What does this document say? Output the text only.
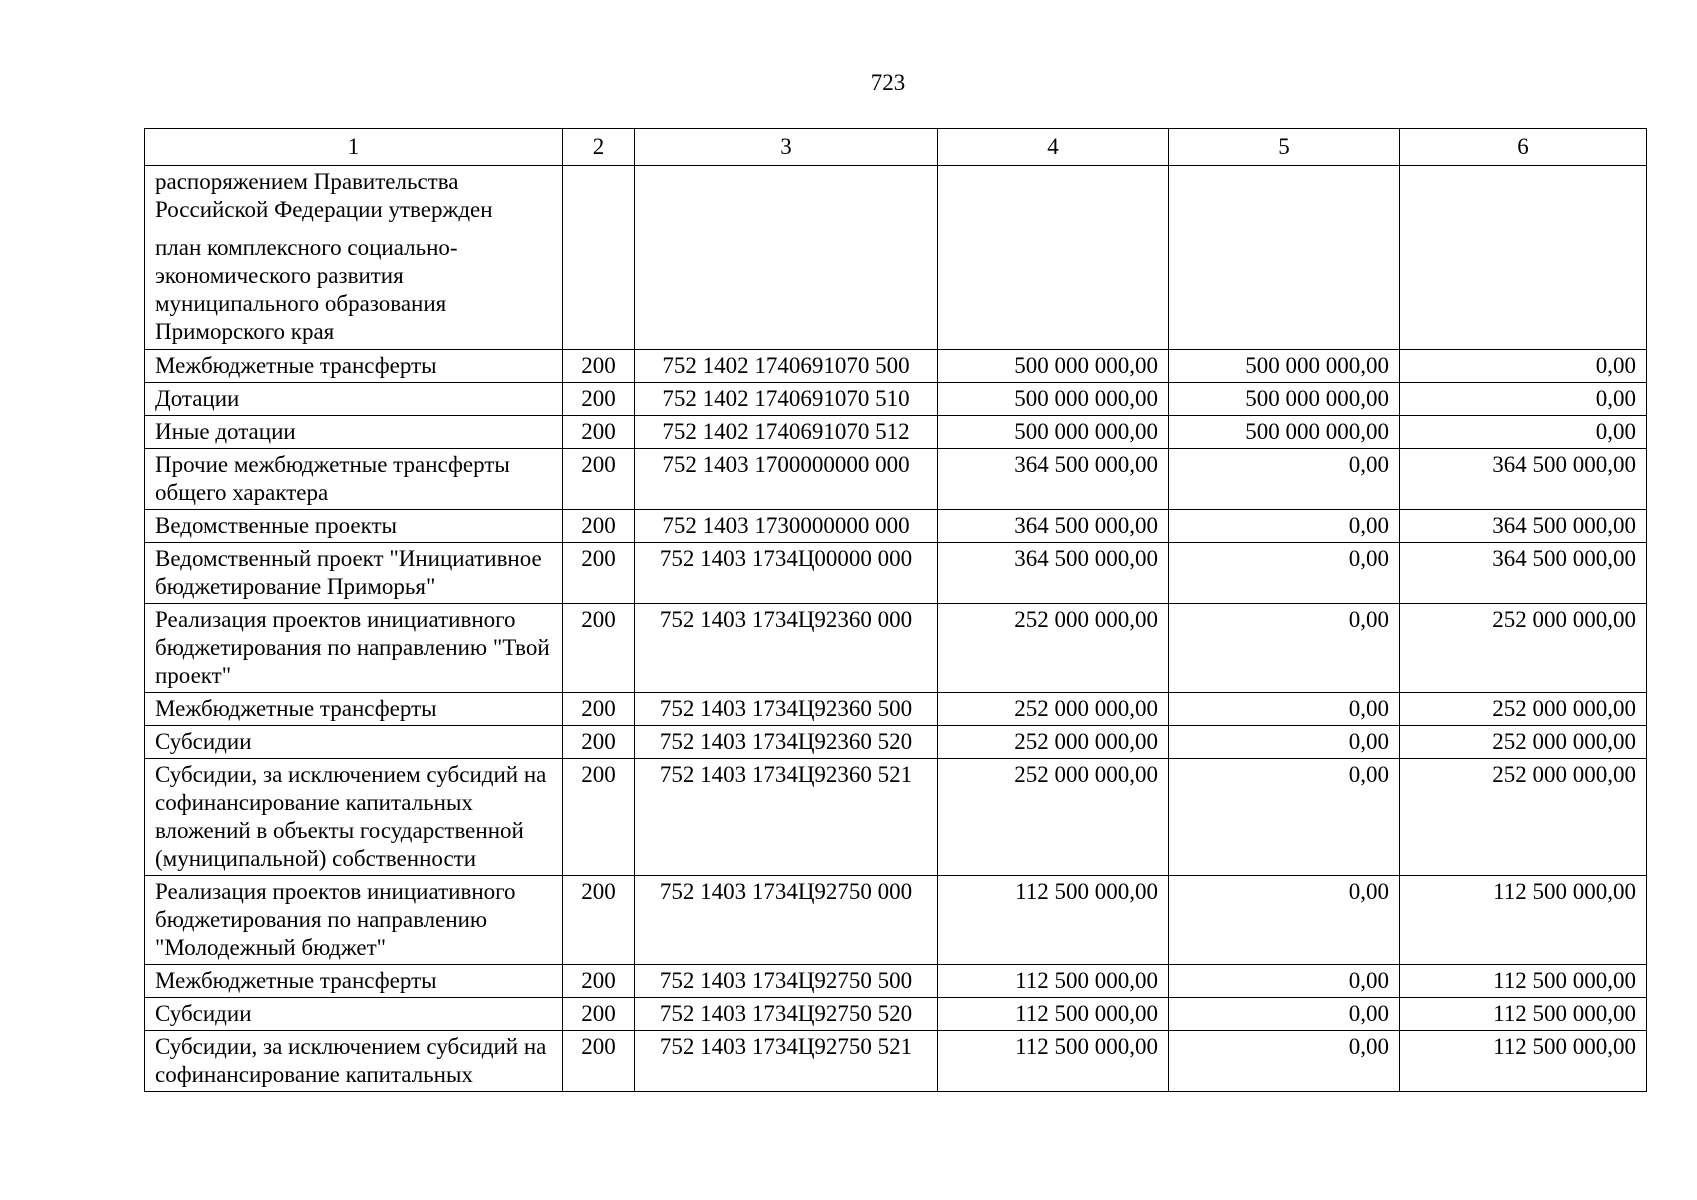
723
1	2	3	4	5	6
распоряжением Правительства Российской Федерации утвержден
план комплексного социально-экономического развития муниципального образования Приморского края					
Межбюджетные трансферты	200	752 1402 1740691070 500	500 000 000,00	500 000 000,00	0,00
Дотации	200	752 1402 1740691070 510	500 000 000,00	500 000 000,00	0,00
Иные дотации	200	752 1402 1740691070 512	500 000 000,00	500 000 000,00	0,00
Прочие межбюджетные трансферты общего характера	200	752 1403 1700000000 000	364 500 000,00	0,00	364 500 000,00
Ведомственные проекты	200	752 1403 1730000000 000	364 500 000,00	0,00	364 500 000,00
Ведомственный проект "Инициативное бюджетирование Приморья"	200	752 1403 1734Ц00000 000	364 500 000,00	0,00	364 500 000,00
Реализация проектов инициативного бюджетирования по направлению "Твой проект"	200	752 1403 1734Ц92360 000	252 000 000,00	0,00	252 000 000,00
Межбюджетные трансферты	200	752 1403 1734Ц92360 500	252 000 000,00	0,00	252 000 000,00
Субсидии	200	752 1403 1734Ц92360 520	252 000 000,00	0,00	252 000 000,00
Субсидии, за исключением субсидий на софинансирование капитальных вложений в объекты государственной (муниципальной) собственности	200	752 1403 1734Ц92360 521	252 000 000,00	0,00	252 000 000,00
Реализация проектов инициативного бюджетирования по направлению "Молодежный бюджет"	200	752 1403 1734Ц92750 000	112 500 000,00	0,00	112 500 000,00
Межбюджетные трансферты	200	752 1403 1734Ц92750 500	112 500 000,00	0,00	112 500 000,00
Субсидии	200	752 1403 1734Ц92750 520	112 500 000,00	0,00	112 500 000,00
Субсидии, за исключением субсидий на софинансирование капитальных	200	752 1403 1734Ц92750 521	112 500 000,00	0,00	112 500 000,00
